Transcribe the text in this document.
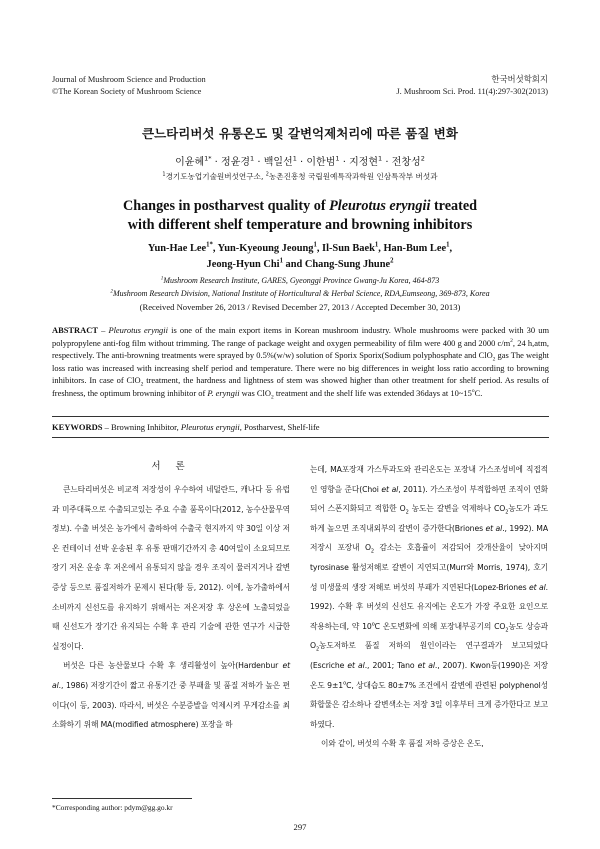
Journal of Mushroom Science and Production
©The Korean Society of Mushroom Science
한국버섯학회지
J. Mushroom Sci. Prod. 11(4):297-302(2013)
큰느타리버섯 유통온도 및 갈변억제처리에 따른 품질 변화
이윤혜$^{1*}$ · 정윤경$^1$ · 백일선$^1$ · 이한범$^1$ · 지정현$^1$ · 전창성$^2$
$^1$경기도농업기술원버섯연구소, $^2$농촌진흥청 국립원예특작과학원 인삼특작부 버섯과
Changes in postharvest quality of Pleurotus eryngii treated
with different shelf temperature and browning inhibitors
Yun-Hae Lee$^{1*}$, Yun-Kyeoung Jeoung$^1$, Il-Sun Baek$^1$, Han-Bum Lee$^1$,
Jeong-Hyun Chi$^1$ and Chang-Sung Jhune$^2$
$^1$Mushroom Research Institute, GARES, Gyeonggi Province Gwang-Ju Korea, 464-873
$^2$Mushroom Research Division, National Institute of Horticultural & Herbal Science, RDA,Eumseong, 369-873, Korea
(Received November 26, 2013 / Revised December 27, 2013 / Accepted December 30, 2013)
ABSTRACT – Pleurotus eryngii is one of the main export items in Korean mushroom industry. Whole mushrooms were packed with 30 um polypropylene anti-fog film without trimming. The range of package weight and oxygen permeability of film were 400 g and 2000 $c/m^2$, 24 h,atm, respectively. The anti-browning treatments were sprayed by 0.5%(w/w) solution of Sporix Sporix(Sodium polyphosphate and ClO$_2$ gas The weight loss ratio was increased with increasing shelf period and temperature. There were no big differences in weight loss ratio according to browning inhibitors. In case of ClO$_2$ treatment, the hardness and lightness of stem was showed higher than other treatment for shelf period. As results of freshness, the optimum browning inhibitor of P. eryngii was ClO$_2$ treatment and the shelf life was extended 36days at 10~15$^o$C.
KEYWORDS – Browning Inhibitor, Pleurotus eryngii, Postharvest, Shelf-life
서 론

큰느타리버섯은 비교적 저장성이 우수하여 네덜란드, 캐나다 등 유럽과 미주대륙으로 수출되고있는 주요 수출 품목이다(2012, 농수산물무역정보). 수출 버섯은 농가에서 출하하여 수출국 현지까지 약 30일 이상 저온 컨테이너 선박 운송된 후 유통 판매기간까지 총 40여일이 소요되므로 장기 저온 운송 후 저온에서 유통되지 않을 경우 조직이 물러지거나 갈변증상 등으로 품질저하가 문제시 된다(황 등, 2012). 이에, 농가출하에서 소비까지 신선도를 유지하기 위해서는 저온저장 후 상온에 노출되었을 때 신선도가 장기간 유지되는 수확 후 관리 기술에 관한 연구가 시급한 실정이다.

버섯은 다른 농산물보다 수확 후 생리활성이 높아(Hardenbur et al., 1986) 저장기간이 짧고 유통기간 중 부패율 및 품질 저하가 높은 편이다(이 등, 2003). 따라서, 버섯은 수분증발을 억제시켜 무게감소를 최소화하기 위해 MA(modified atmosphere) 포장을 하

는데, MA포장재 가스투과도와 관리온도는 포장내 가스조성비에 직접적인 영향을 준다(Choi et al, 2011). 가스조성이 부적합하면 조직이 연화되어 스폰지화되고 적합한 $O_2$ 농도는 갈변을 억제하나 $CO_2$농도가 과도하게 높으면 조직내외부의 갈변이 증가한다(Briones et al., 1992). MA저장시 포장내 $O_2$ 감소는 호흡률이 저감되어 갓개산율이 낮아지며 tyrosinase 활성저해로 갈변이 지연되고(Murr와 Morris, 1974), 호기성 미생물의 생장 저해로 버섯의 부패가 지연된다(Lopez-Briones et al. 1992). 수확 후 버섯의 신선도 유지에는 온도가 가장 주요한 요인으로 작용하는데, 약 10$^o$C 온도변화에 의해 포장내부공기의 $CO_2$농도 상승과 $O_2$농도저하로 품질 저하의 원인이라는 연구결과가 보고되었다(Escriche et al., 2001; Tano et al., 2007). Kwon등(1990)은 저장온도 $9\pm 1^oC$, 상대습도 80±7% 조건에서 갈변에 관련된 polyphenol성 화합물은 감소하나 갈변색소는 저장 3일 이후부터 크게 증가한다고 보고하였다.

이와 같이, 버섯의 수확 후 품질 저하 증상은 온도,

*Corresponding author: pdym@gg.go.kr
297
